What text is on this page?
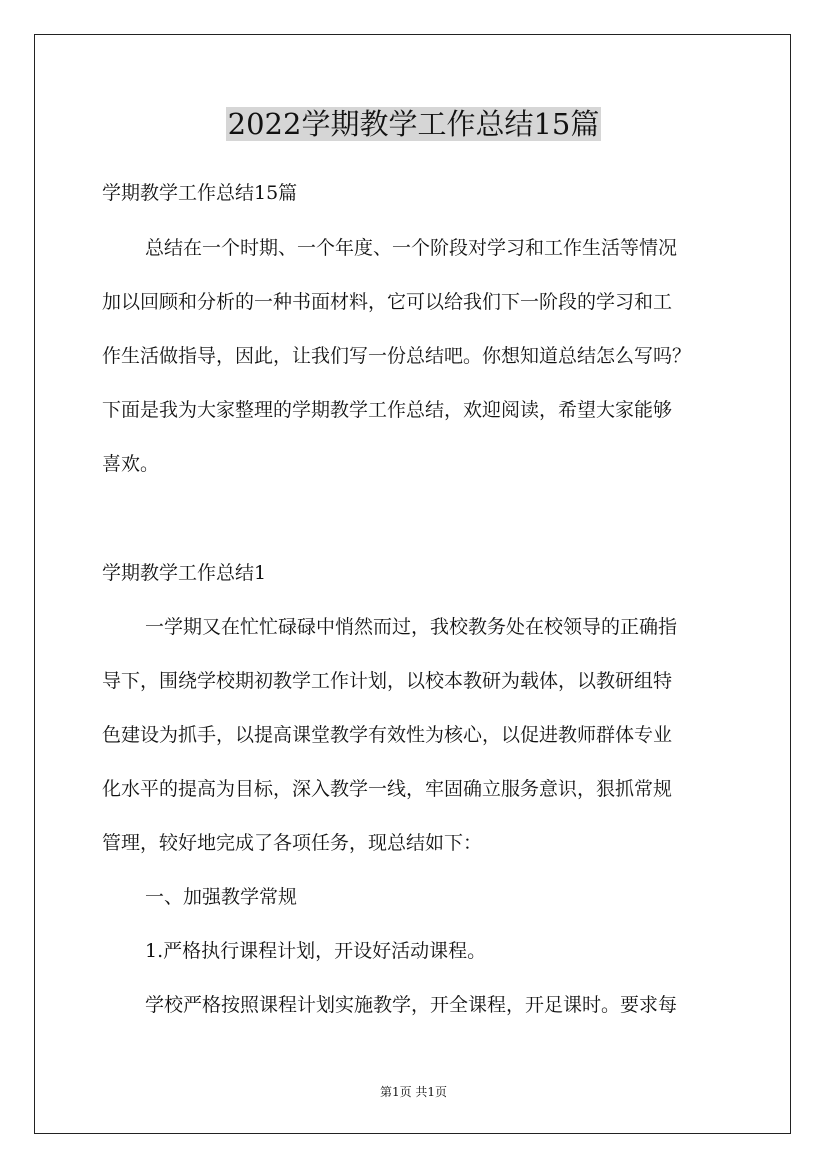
2022学期教学工作总结15篇
学期教学工作总结15篇
总结在一个时期、一个年度、一个阶段对学习和工作生活等情况
加以回顾和分析的一种书面材料，它可以给我们下一阶段的学习和工
作生活做指导，因此，让我们写一份总结吧。你想知道总结怎么写吗？
下面是我为大家整理的学期教学工作总结，欢迎阅读，希望大家能够
喜欢。
学期教学工作总结1
一学期又在忙忙碌碌中悄然而过，我校教务处在校领导的正确指
导下，围绕学校期初教学工作计划，以校本教研为载体，以教研组特
色建设为抓手，以提高课堂教学有效性为核心，以促进教师群体专业
化水平的提高为目标，深入教学一线，牢固确立服务意识，狠抓常规
管理，较好地完成了各项任务，现总结如下：
一、加强教学常规
1.严格执行课程计划，开设好活动课程。
学校严格按照课程计划实施教学，开全课程，开足课时。要求每
第1页 共1页
